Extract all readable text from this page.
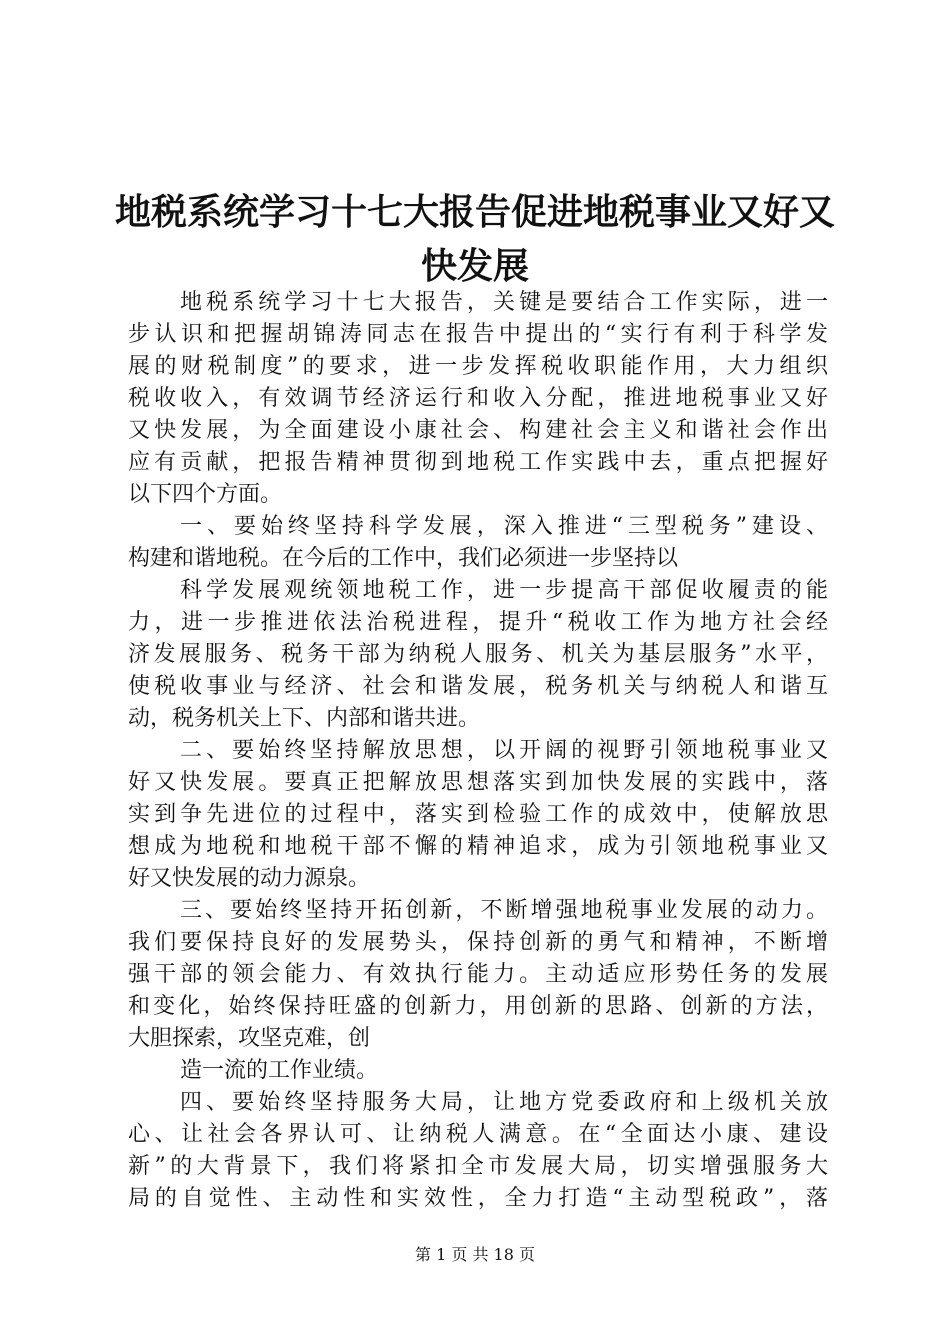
地税系统学习十七大报告促进地税事业又好又
快发展
地税系统学习十七大报告，关键是要结合工作实际，进一
步认识和把握胡锦涛同志在报告中提出的“实行有利于科学发
展的财税制度”的要求，进一步发挥税收职能作用，大力组织
税收收入，有效调节经济运行和收入分配，推进地税事业又好
又快发展，为全面建设小康社会、构建社会主义和谐社会作出
应有贡献，把报告精神贯彻到地税工作实践中去，重点把握好
以下四个方面。
一、要始终坚持科学发展，深入推进“三型税务”建设、
构建和谐地税。在今后的工作中，我们必须进一步坚持以
科学发展观统领地税工作，进一步提高干部促收履责的能
力，进一步推进依法治税进程，提升“税收工作为地方社会经
济发展服务、税务干部为纳税人服务、机关为基层服务”水平，
使税收事业与经济、社会和谐发展，税务机关与纳税人和谐互
动，税务机关上下、内部和谐共进。
二、要始终坚持解放思想，以开阔的视野引领地税事业又
好又快发展。要真正把解放思想落实到加快发展的实践中，落
实到争先进位的过程中，落实到检验工作的成效中，使解放思
想成为地税和地税干部不懈的精神追求，成为引领地税事业又
好又快发展的动力源泉。
三、要始终坚持开拓创新，不断增强地税事业发展的动力。
我们要保持良好的发展势头，保持创新的勇气和精神，不断增
强干部的领会能力、有效执行能力。主动适应形势任务的发展
和变化，始终保持旺盛的创新力，用创新的思路、创新的方法，
大胆探索，攻坚克难，创
造一流的工作业绩。
四、要始终坚持服务大局，让地方党委政府和上级机关放
心、让社会各界认可、让纳税人满意。在“全面达小康、建设
新”的大背景下，我们将紧扣全市发展大局，切实增强服务大
局的自觉性、主动性和实效性，全力打造“主动型税政”，落
第 1 页 共 18 页
